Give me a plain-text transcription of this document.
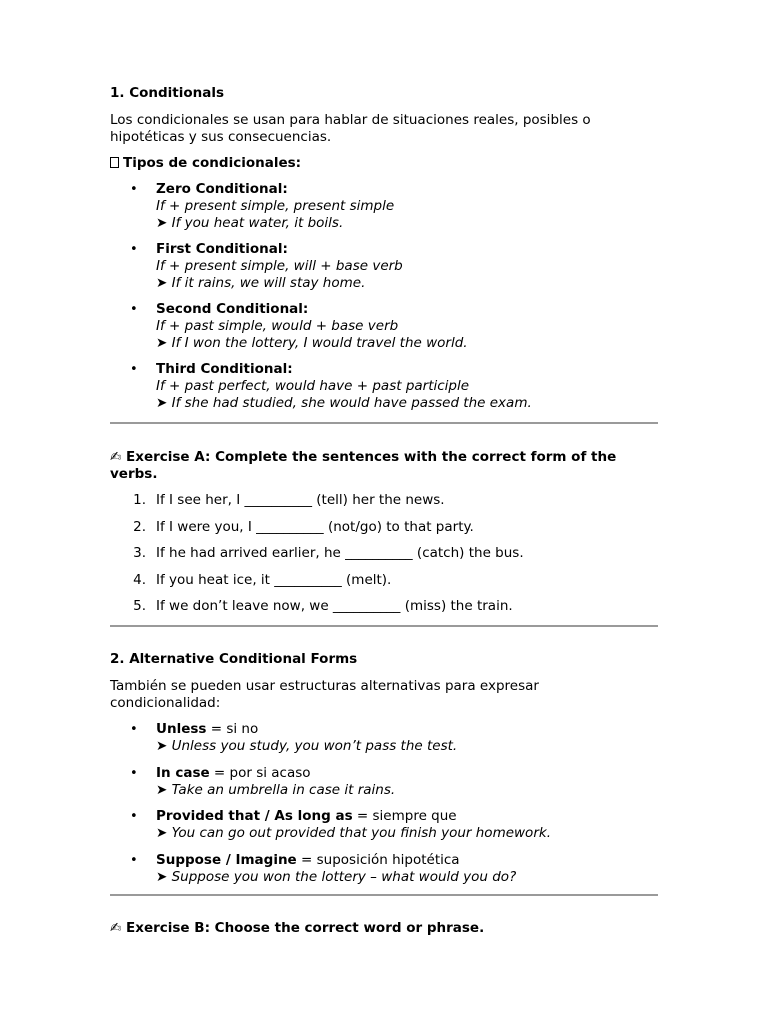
1. Conditionals

Los condicionales se usan para hablar de situaciones reales, posibles o hipotéticas y sus consecuencias.

Tipos de condicionales:

• Zero Conditional:
If + present simple, present simple
➤ If you heat water, it boils.
• First Conditional:
If + present simple, will + base verb
➤ If it rains, we will stay home.
• Second Conditional:
If + past simple, would + base verb
➤ If I won the lottery, I would travel the world.
• Third Conditional:
If + past perfect, would have + past participle
➤ If she had studied, she would have passed the exam.

✍ Exercise A: Complete the sentences with the correct form of the verbs.

1. If I see her, I __________ (tell) her the news.
2. If I were you, I __________ (not/go) to that party.
3. If he had arrived earlier, he __________ (catch) the bus.
4. If you heat ice, it __________ (melt).
5. If we don’t leave now, we __________ (miss) the train.

2. Alternative Conditional Forms

También se pueden usar estructuras alternativas para expresar condicionalidad:

• Unless = si no
➤ Unless you study, you won’t pass the test.
• In case = por si acaso
➤ Take an umbrella in case it rains.
• Provided that / As long as = siempre que
➤ You can go out provided that you finish your homework.
• Suppose / Imagine = suposición hipotética
➤ Suppose you won the lottery – what would you do?

✍ Exercise B: Choose the correct word or phrase.
